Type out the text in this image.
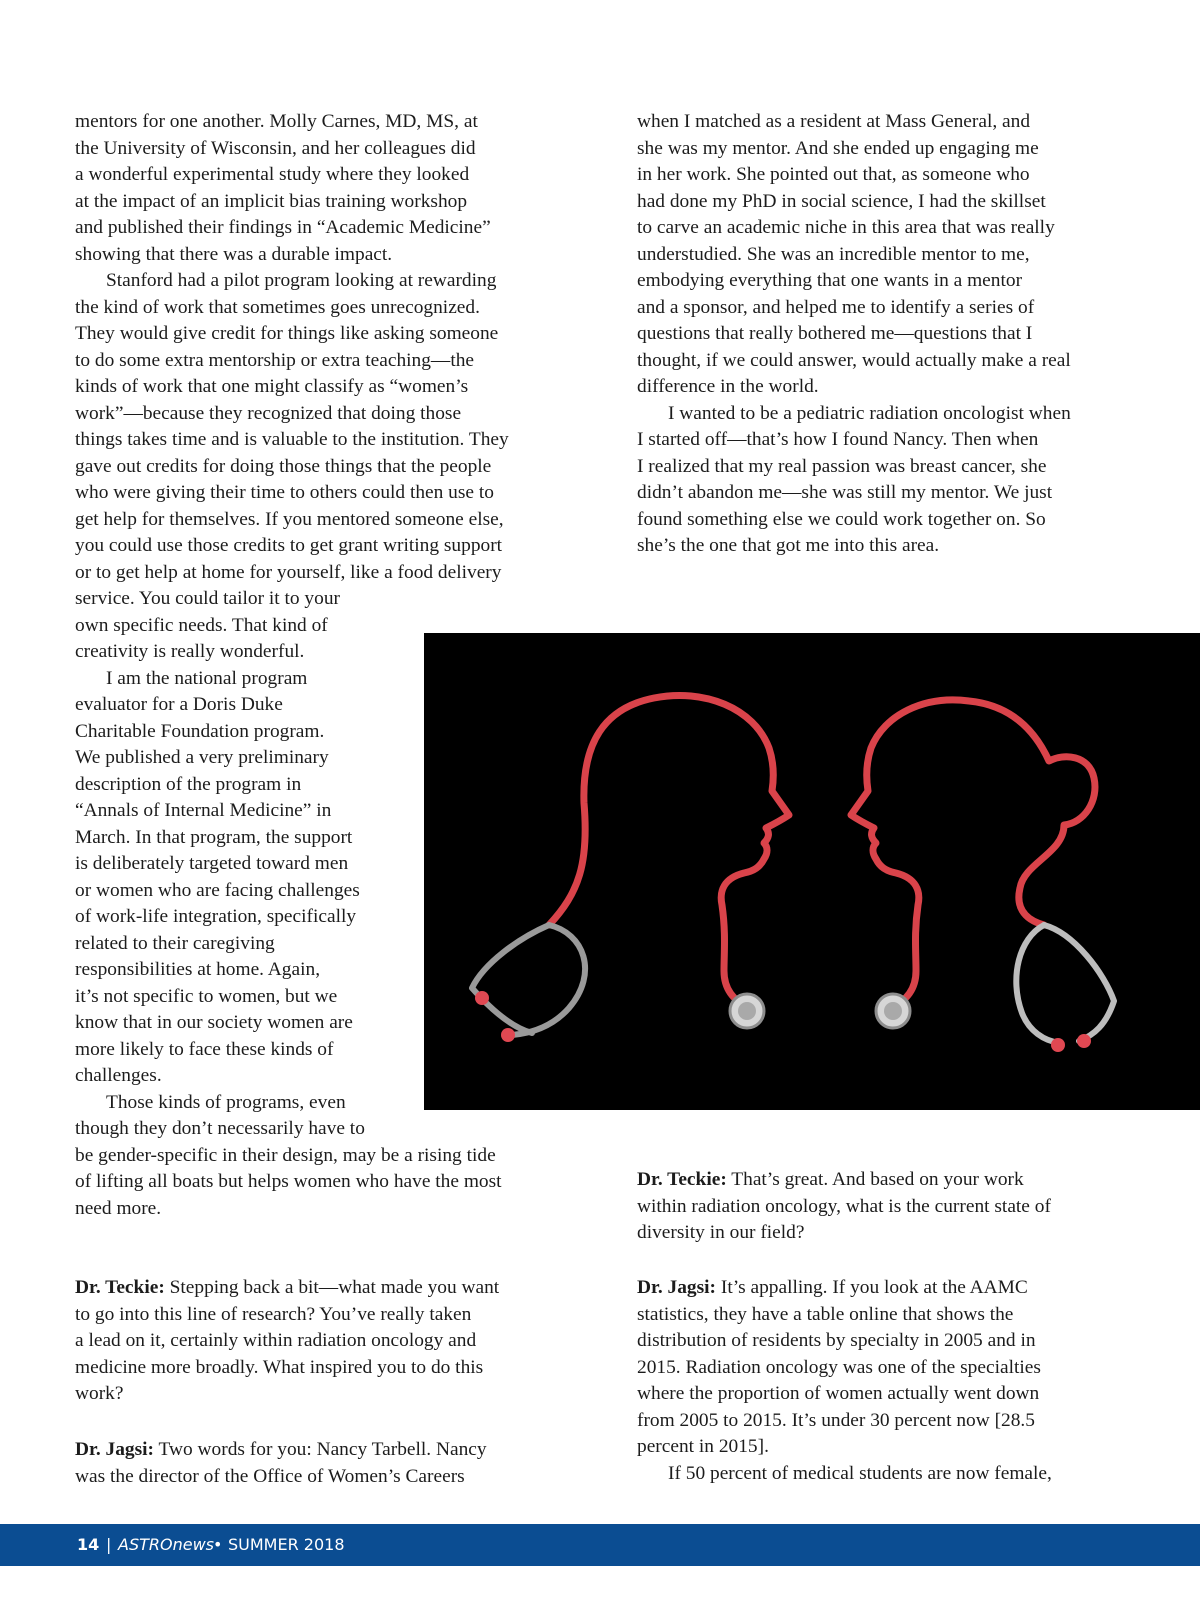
mentors for one another. Molly Carnes, MD, MS, at
the University of Wisconsin, and her colleagues did
a wonderful experimental study where they looked
at the impact of an implicit bias training workshop
and published their findings in “Academic Medicine”
showing that there was a durable impact.
Stanford had a pilot program looking at rewarding
the kind of work that sometimes goes unrecognized.
They would give credit for things like asking someone
to do some extra mentorship or extra teaching—the
kinds of work that one might classify as “women’s
work”—because they recognized that doing those
things takes time and is valuable to the institution. They
gave out credits for doing those things that the people
who were giving their time to others could then use to
get help for themselves. If you mentored someone else,
you could use those credits to get grant writing support
or to get help at home for yourself, like a food delivery
service. You could tailor it to your
own specific needs. That kind of
creativity is really wonderful.
I am the national program
evaluator for a Doris Duke
Charitable Foundation program.
We published a very preliminary
description of the program in
“Annals of Internal Medicine” in
March. In that program, the support
is deliberately targeted toward men
or women who are facing challenges
of work-life integration, specifically
related to their caregiving
responsibilities at home. Again,
it’s not specific to women, but we
know that in our society women are
more likely to face these kinds of
challenges.
Those kinds of programs, even
though they don’t necessarily have to
be gender-specific in their design, may be a rising tide
of lifting all boats but helps women who have the most
need more.
Dr. Teckie: Stepping back a bit—what made you want
to go into this line of research? You’ve really taken
a lead on it, certainly within radiation oncology and
medicine more broadly. What inspired you to do this
work?
Dr. Jagsi: Two words for you: Nancy Tarbell. Nancy
was the director of the Office of Women’s Careers
when I matched as a resident at Mass General, and
she was my mentor. And she ended up engaging me
in her work. She pointed out that, as someone who
had done my PhD in social science, I had the skillset
to carve an academic niche in this area that was really
understudied. She was an incredible mentor to me,
embodying everything that one wants in a mentor
and a sponsor, and helped me to identify a series of
questions that really bothered me—questions that I
thought, if we could answer, would actually make a real
difference in the world.
I wanted to be a pediatric radiation oncologist when
I started off—that’s how I found Nancy. Then when
I realized that my real passion was breast cancer, she
didn’t abandon me—she was still my mentor. We just
found something else we could work together on. So
she’s the one that got me into this area.
Dr. Teckie: That’s great. And based on your work
within radiation oncology, what is the current state of
diversity in our field?
Dr. Jagsi: It’s appalling. If you look at the AAMC
statistics, they have a table online that shows the
distribution of residents by specialty in 2005 and in
2015. Radiation oncology was one of the specialties
where the proportion of women actually went down
from 2005 to 2015. It’s under 30 percent now [28.5
percent in 2015].
If 50 percent of medical students are now female,
14 | ASTROnews • SUMMER 2018
